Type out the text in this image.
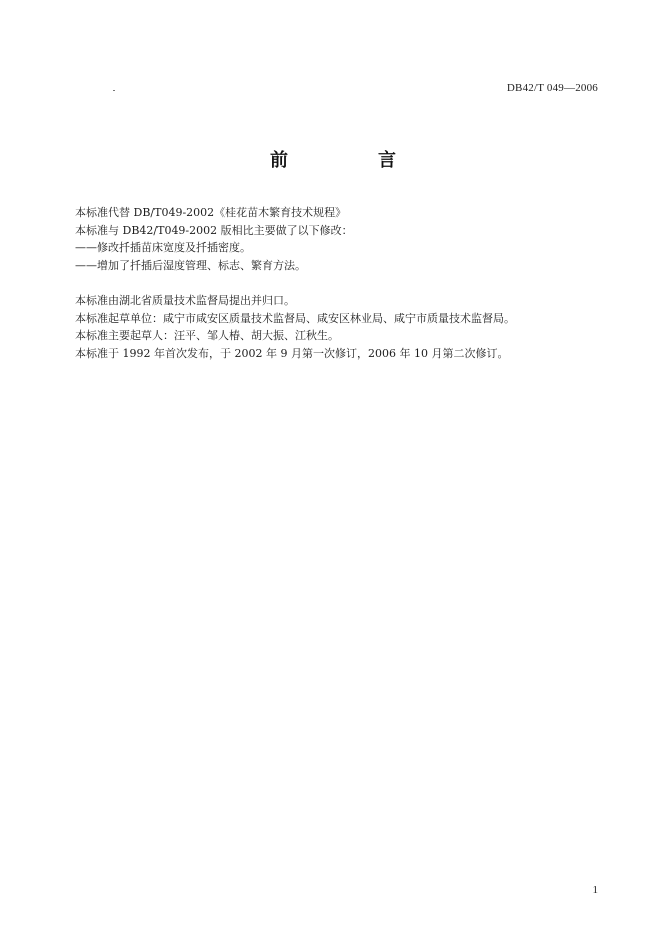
DB42/T 049—2006
前　言
本标准代替 DB/T049-2002《桂花苗木繁育技术规程》
本标准与 DB42/T049-2002 版相比主要做了以下修改：
——修改扦插苗床宽度及扦插密度。
——增加了扦插后湿度管理、标志、繁育方法。
本标准由湖北省质量技术监督局提出并归口。
本标准起草单位：咸宁市咸安区质量技术监督局、咸安区林业局、咸宁市质量技术监督局。
本标准主要起草人：汪平、邹人椿、胡大振、江秋生。
本标准于 1992 年首次发布，于 2002 年 9 月第一次修订，2006 年 10 月第二次修订。
1
